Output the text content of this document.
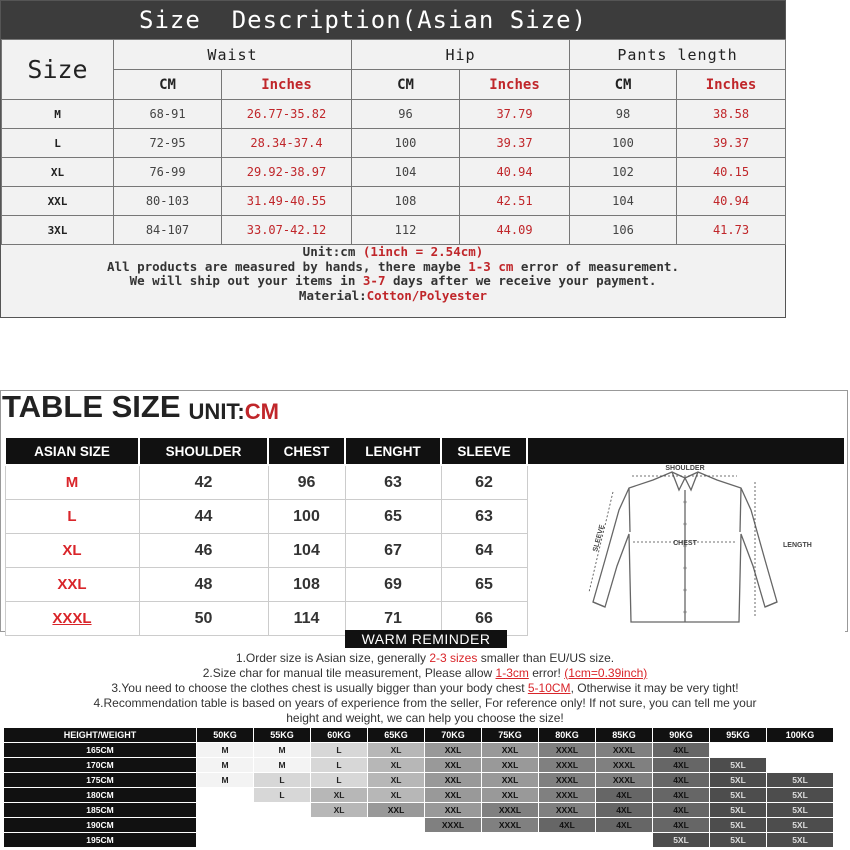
Size  Description(Asian Size)
Size	Waist		Hip		Pants length	
	CM	Inches	CM	Inches	CM	Inches
M	68-91	26.77-35.82	96	37.79	98	38.58
L	72-95	28.34-37.4	100	39.37	100	39.37
XL	76-99	29.92-38.97	104	40.94	102	40.15
XXL	80-103	31.49-40.55	108	42.51	104	40.94
3XL	84-107	33.07-42.12	112	44.09	106	41.73
Unit:cm (1inch = 2.54cm)
All products are measured by hands, there maybe 1-3 cm error of measurement.
We will ship out your items in 3-7 days after we receive your payment.
Material:Cotton/Polyester
TABLE SIZE UNIT: CM
ASIAN SIZE	SHOULDER	CHEST	LENGHT	SLEEVE	
M	42	96	63	62	
L	44	100	65	63	
XL	46	104	67	64	
XXL	48	108	69	65	
XXXL	50	114	71	66	
SHOULDER
CHEST	LENGTH
SLEEVE
WARM REMINDER
1.Order size is Asian size, generally 2-3 sizes smaller than EU/US size.
2.Size char for manual tile measurement, Please allow 1-3cm error! (1cm=0.39inch)
3.You need to choose the clothes chest is usually bigger than your body chest 5-10CM, Otherwise it may be very tight!
4.Recommendation table is based on years of experience from the seller, For reference only! If not sure, you can tell me your
height and weight, we can help you choose the size!
HEIGHT/WEIGHT	50KG	55KG	60KG	65KG	70KG	75KG	80KG	85KG	90KG	95KG	100KG
165CM	M	M	L	XL	XXL	XXL	XXXL	XXXL	4XL		
170CM	M	M	L	XL	XXL	XXL	XXXL	XXXL	4XL	5XL	
175CM	M	L	L	XL	XXL	XXL	XXXL	XXXL	4XL	5XL	5XL
180CM		L	XL	XL	XXL	XXL	XXXL	4XL	4XL	5XL	5XL
185CM			XL	XXL	XXL	XXXL	XXXL	4XL	4XL	5XL	5XL
190CM					XXXL	XXXL	4XL	4XL	4XL	5XL	5XL
195CM									5XL	5XL	5XL
